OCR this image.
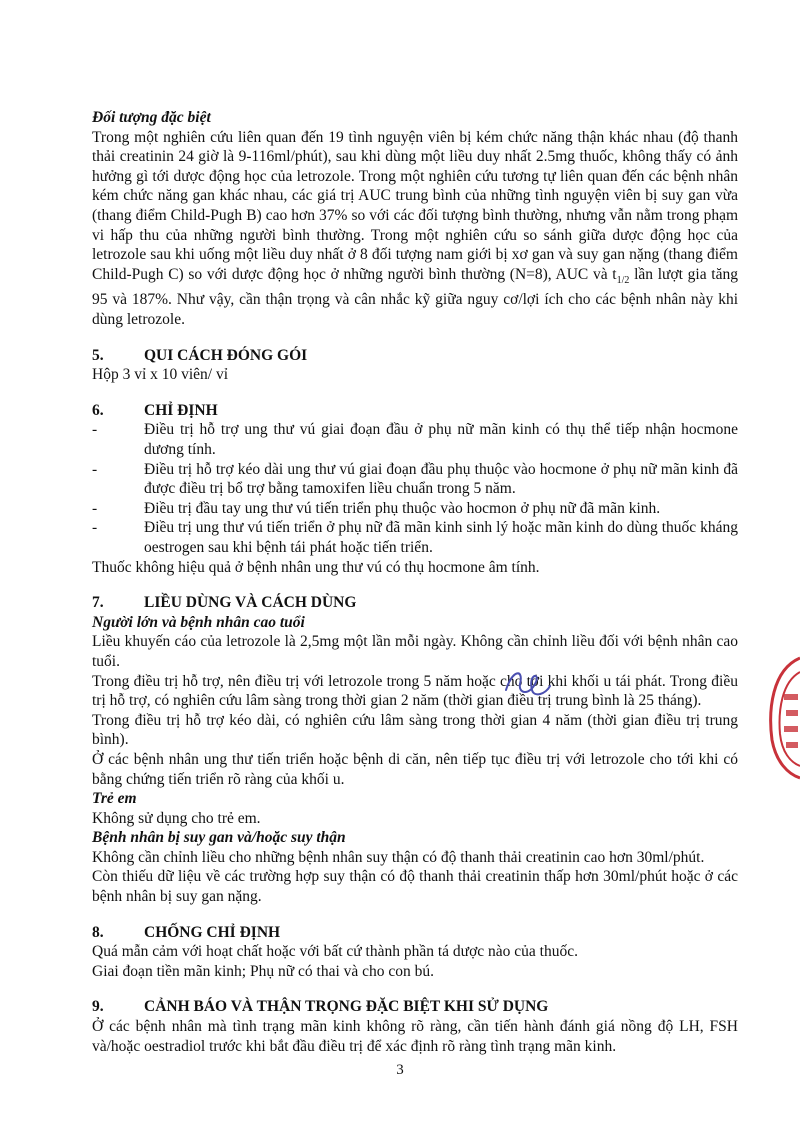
Đối tượng đặc biệt

Trong một nghiên cứu liên quan đến 19 tình nguyện viên bị kém chức năng thận khác nhau (độ thanh thải creatinin 24 giờ là 9-116ml/phút), sau khi dùng một liều duy nhất 2.5mg thuốc, không thấy có ảnh hưởng gì tới dược động học của letrozole. Trong một nghiên cứu tương tự liên quan đến các bệnh nhân kém chức năng gan khác nhau, các giá trị AUC trung bình của những tình nguyện viên bị suy gan vừa (thang điểm Child-Pugh B) cao hơn 37% so với các đối tượng bình thường, nhưng vẫn nằm trong phạm vi hấp thu của những người bình thường. Trong một nghiên cứu so sánh giữa dược động học của letrozole sau khi uống một liều duy nhất ở 8 đối tượng nam giới bị xơ gan và suy gan nặng (thang điểm Child-Pugh C) so với dược động học ở những người bình thường (N=8), AUC và $t_{1/2}$ lần lượt gia tăng 95 và 187%. Như vậy, cần thận trọng và cân nhắc kỹ giữa nguy cơ/lợi ích cho các bệnh nhân này khi dùng letrozole.

5.	QUI CÁCH ĐÓNG GÓI
Hộp 3 vỉ x 10 viên/ vỉ
6.	CHỈ ĐỊNH
-	Điều trị hỗ trợ ung thư vú giai đoạn đầu ở phụ nữ mãn kinh có thụ thể tiếp nhận hocmone dương tính.
-	Điều trị hỗ trợ kéo dài ung thư vú giai đoạn đầu phụ thuộc vào hocmone ở phụ nữ mãn kinh đã được điều trị bổ trợ bằng tamoxifen liều chuẩn trong 5 năm.
-	Điều trị đầu tay ung thư vú tiến triển phụ thuộc vào hocmon ở phụ nữ đã mãn kinh.
-	Điều trị ung thư vú tiến triển ở phụ nữ đã mãn kinh sinh lý hoặc mãn kinh do dùng thuốc kháng oestrogen sau khi bệnh tái phát hoặc tiến triển.
Thuốc không hiệu quả ở bệnh nhân ung thư vú có thụ hocmone âm tính.
7.	LIỀU DÙNG VÀ CÁCH DÙNG
Người lớn và bệnh nhân cao tuổi
Liều khuyến cáo của letrozole là 2,5mg một lần mỗi ngày. Không cần chỉnh liều đối với bệnh nhân cao tuổi.
Trong điều trị hỗ trợ, nên điều trị với letrozole trong 5 năm hoặc cho tới khi khối u tái phát. Trong điều trị hỗ trợ, có nghiên cứu lâm sàng trong thời gian 2 năm (thời gian điều trị trung bình là 25 tháng).
Trong điều trị hỗ trợ kéo dài, có nghiên cứu lâm sàng trong thời gian 4 năm (thời gian điều trị trung bình).
Ở các bệnh nhân ung thư tiến triển hoặc bệnh di căn, nên tiếp tục điều trị với letrozole cho tới khi có bằng chứng tiến triển rõ ràng của khối u.
Trẻ em
Không sử dụng cho trẻ em.
Bệnh nhân bị suy gan và/hoặc suy thận
Không cần chỉnh liều cho những bệnh nhân suy thận có độ thanh thải creatinin cao hơn 30ml/phút.
Còn thiếu dữ liệu về các trường hợp suy thận có độ thanh thải creatinin thấp hơn 30ml/phút hoặc ở các bệnh nhân bị suy gan nặng.
8.	CHỐNG CHỈ ĐỊNH
Quá mẫn cảm với hoạt chất hoặc với bất cứ thành phần tá dược nào của thuốc.
Giai đoạn tiền mãn kinh; Phụ nữ có thai và cho con bú.
9.	CẢNH BÁO VÀ THẬN TRỌNG ĐẶC BIỆT KHI SỬ DỤNG
Ở các bệnh nhân mà tình trạng mãn kinh không rõ ràng, cần tiến hành đánh giá nồng độ LH, FSH và/hoặc oestradiol trước khi bắt đầu điều trị để xác định rõ ràng tình trạng mãn kinh.
3
